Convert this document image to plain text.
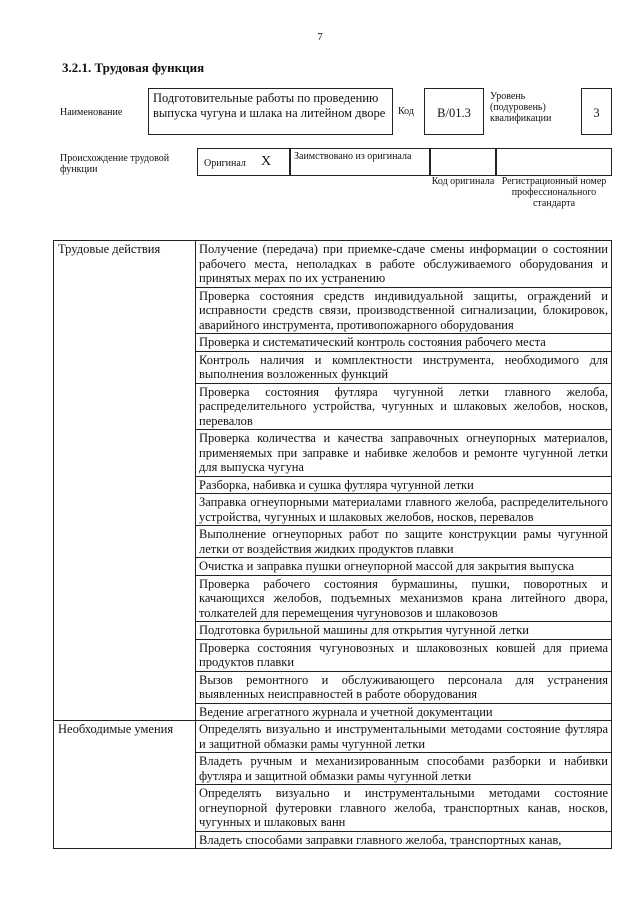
7
3.2.1. Трудовая функция
Наименование
Подготовительные работы по проведению выпуска чугуна и шлака на литейном дворе	Код	В/01.3
Уровень (подуровень) квалификации	3
Происхождение трудовой функции
Оригинал Х Заимствовано из оригинала
Код оригинала Регистрационный номер профессионального стандарта
Трудовые действия	Получение (передача) при приемке-сдаче смены информации о состоянии рабочего места, неполадках в работе обслуживаемого оборудования и принятых мерах по их устранению
	Проверка состояния средств индивидуальной защиты, ограждений и исправности средств связи, производственной сигнализации, блокировок, аварийного инструмента, противопожарного оборудования
	Проверка и систематический контроль состояния рабочего места
	Контроль наличия и комплектности инструмента, необходимого для выполнения возложенных функций
	Проверка состояния футляра чугунной летки главного желоба, распределительного устройства, чугунных и шлаковых желобов, носков, перевалов
	Проверка количества и качества заправочных огнеупорных материалов, применяемых при заправке и набивке желобов и ремонте чугунной летки для выпуска чугуна
	Разборка, набивка и сушка футляра чугунной летки
	Заправка огнеупорными материалами главного желоба, распределительного устройства, чугунных и шлаковых желобов, носков, перевалов
	Выполнение огнеупорных работ по защите конструкции рамы чугунной летки от воздействия жидких продуктов плавки
	Очистка и заправка пушки огнеупорной массой для закрытия выпуска
	Проверка рабочего состояния бурмашины, пушки, поворотных и качающихся желобов, подъемных механизмов крана литейного двора, толкателей для перемещения чугуновозов и шлаковозов
	Подготовка бурильной машины для открытия чугунной летки
	Проверка состояния чугуновозных и шлаковозных ковшей для приема продуктов плавки
	Вызов ремонтного и обслуживающего персонала для устранения выявленных неисправностей в работе оборудования
	Ведение агрегатного журнала и учетной документации
Необходимые умения	Определять визуально и инструментальными методами состояние футляра и защитной обмазки рамы чугунной летки
	Владеть ручным и механизированным способами разборки и набивки футляра и защитной обмазки рамы чугунной летки
	Определять визуально и инструментальными методами состояние огнеупорной футеровки главного желоба, транспортных канав, носков, чугунных и шлаковых ванн
	Владеть способами заправки главного желоба, транспортных канав,
